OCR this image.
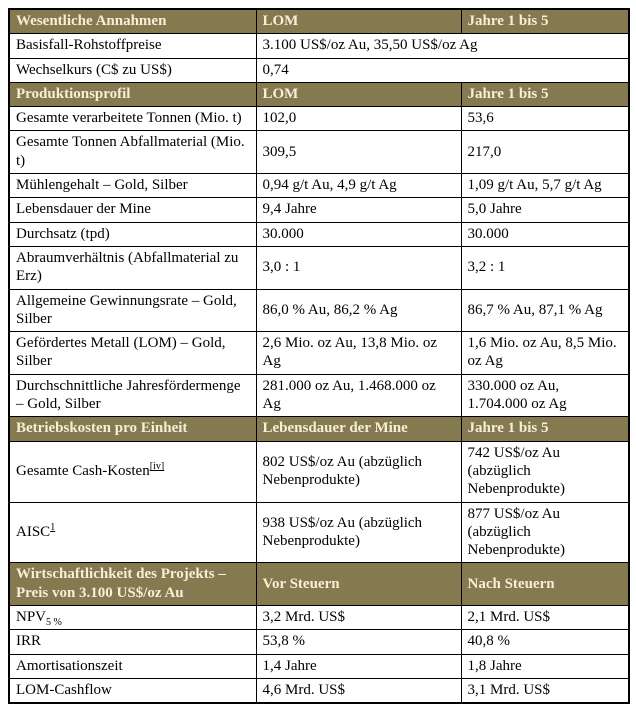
Wesentliche Annahmen	LOM	Jahre 1 bis 5
Basisfall-Rohstoffpreise	3.100 US$/oz Au, 35,50 US$/oz Ag	
Wechselkurs (C$ zu US$)	0,74	
Produktionsprofil	LOM	Jahre 1 bis 5
Gesamte verarbeitete Tonnen (Mio. t)	102,0	53,6
Gesamte Tonnen Abfallmaterial (Mio. t)	309,5	217,0
Mühlengehalt – Gold, Silber	0,94 g/t Au, 4,9 g/t Ag	1,09 g/t Au, 5,7 g/t Ag
Lebensdauer der Mine	9,4 Jahre	5,0 Jahre
Durchsatz (tpd)	30.000	30.000
Abraumverhältnis (Abfallmaterial zu Erz)	3,0 : 1	3,2 : 1
Allgemeine Gewinnungsrate – Gold, Silber	86,0 % Au, 86,2 % Ag	86,7 % Au, 87,1 % Ag
Gefördertes Metall (LOM) – Gold, Silber	2,6 Mio. oz Au, 13,8 Mio. oz Ag	1,6 Mio. oz Au, 8,5 Mio. oz Ag
Durchschnittliche Jahresfördermenge – Gold, Silber	281.000 oz Au, 1.468.000 oz Ag	330.000 oz Au, 1.704.000 oz Ag
Betriebskosten pro Einheit	Lebensdauer der Mine	Jahre 1 bis 5
Gesamte Cash-Kosten[iv]	802 US$/oz Au (abzüglich Nebenprodukte)	742 US$/oz Au (abzüglich Nebenprodukte)
AISC$^1$	938 US$/oz Au (abzüglich Nebenprodukte)	877 US$/oz Au (abzüglich Nebenprodukte)
Wirtschaftlichkeit des Projekts – Preis von 3.100 US$/oz Au	Vor Steuern	Nach Steuern
$NPV_{5 \%}$	3,2 Mrd. US$	2,1 Mrd. US$
IRR	53,8 %	40,8 %
Amortisationszeit	1,4 Jahre	1,8 Jahre
LOM-Cashflow	4,6 Mrd. US$	3,1 Mrd. US$
